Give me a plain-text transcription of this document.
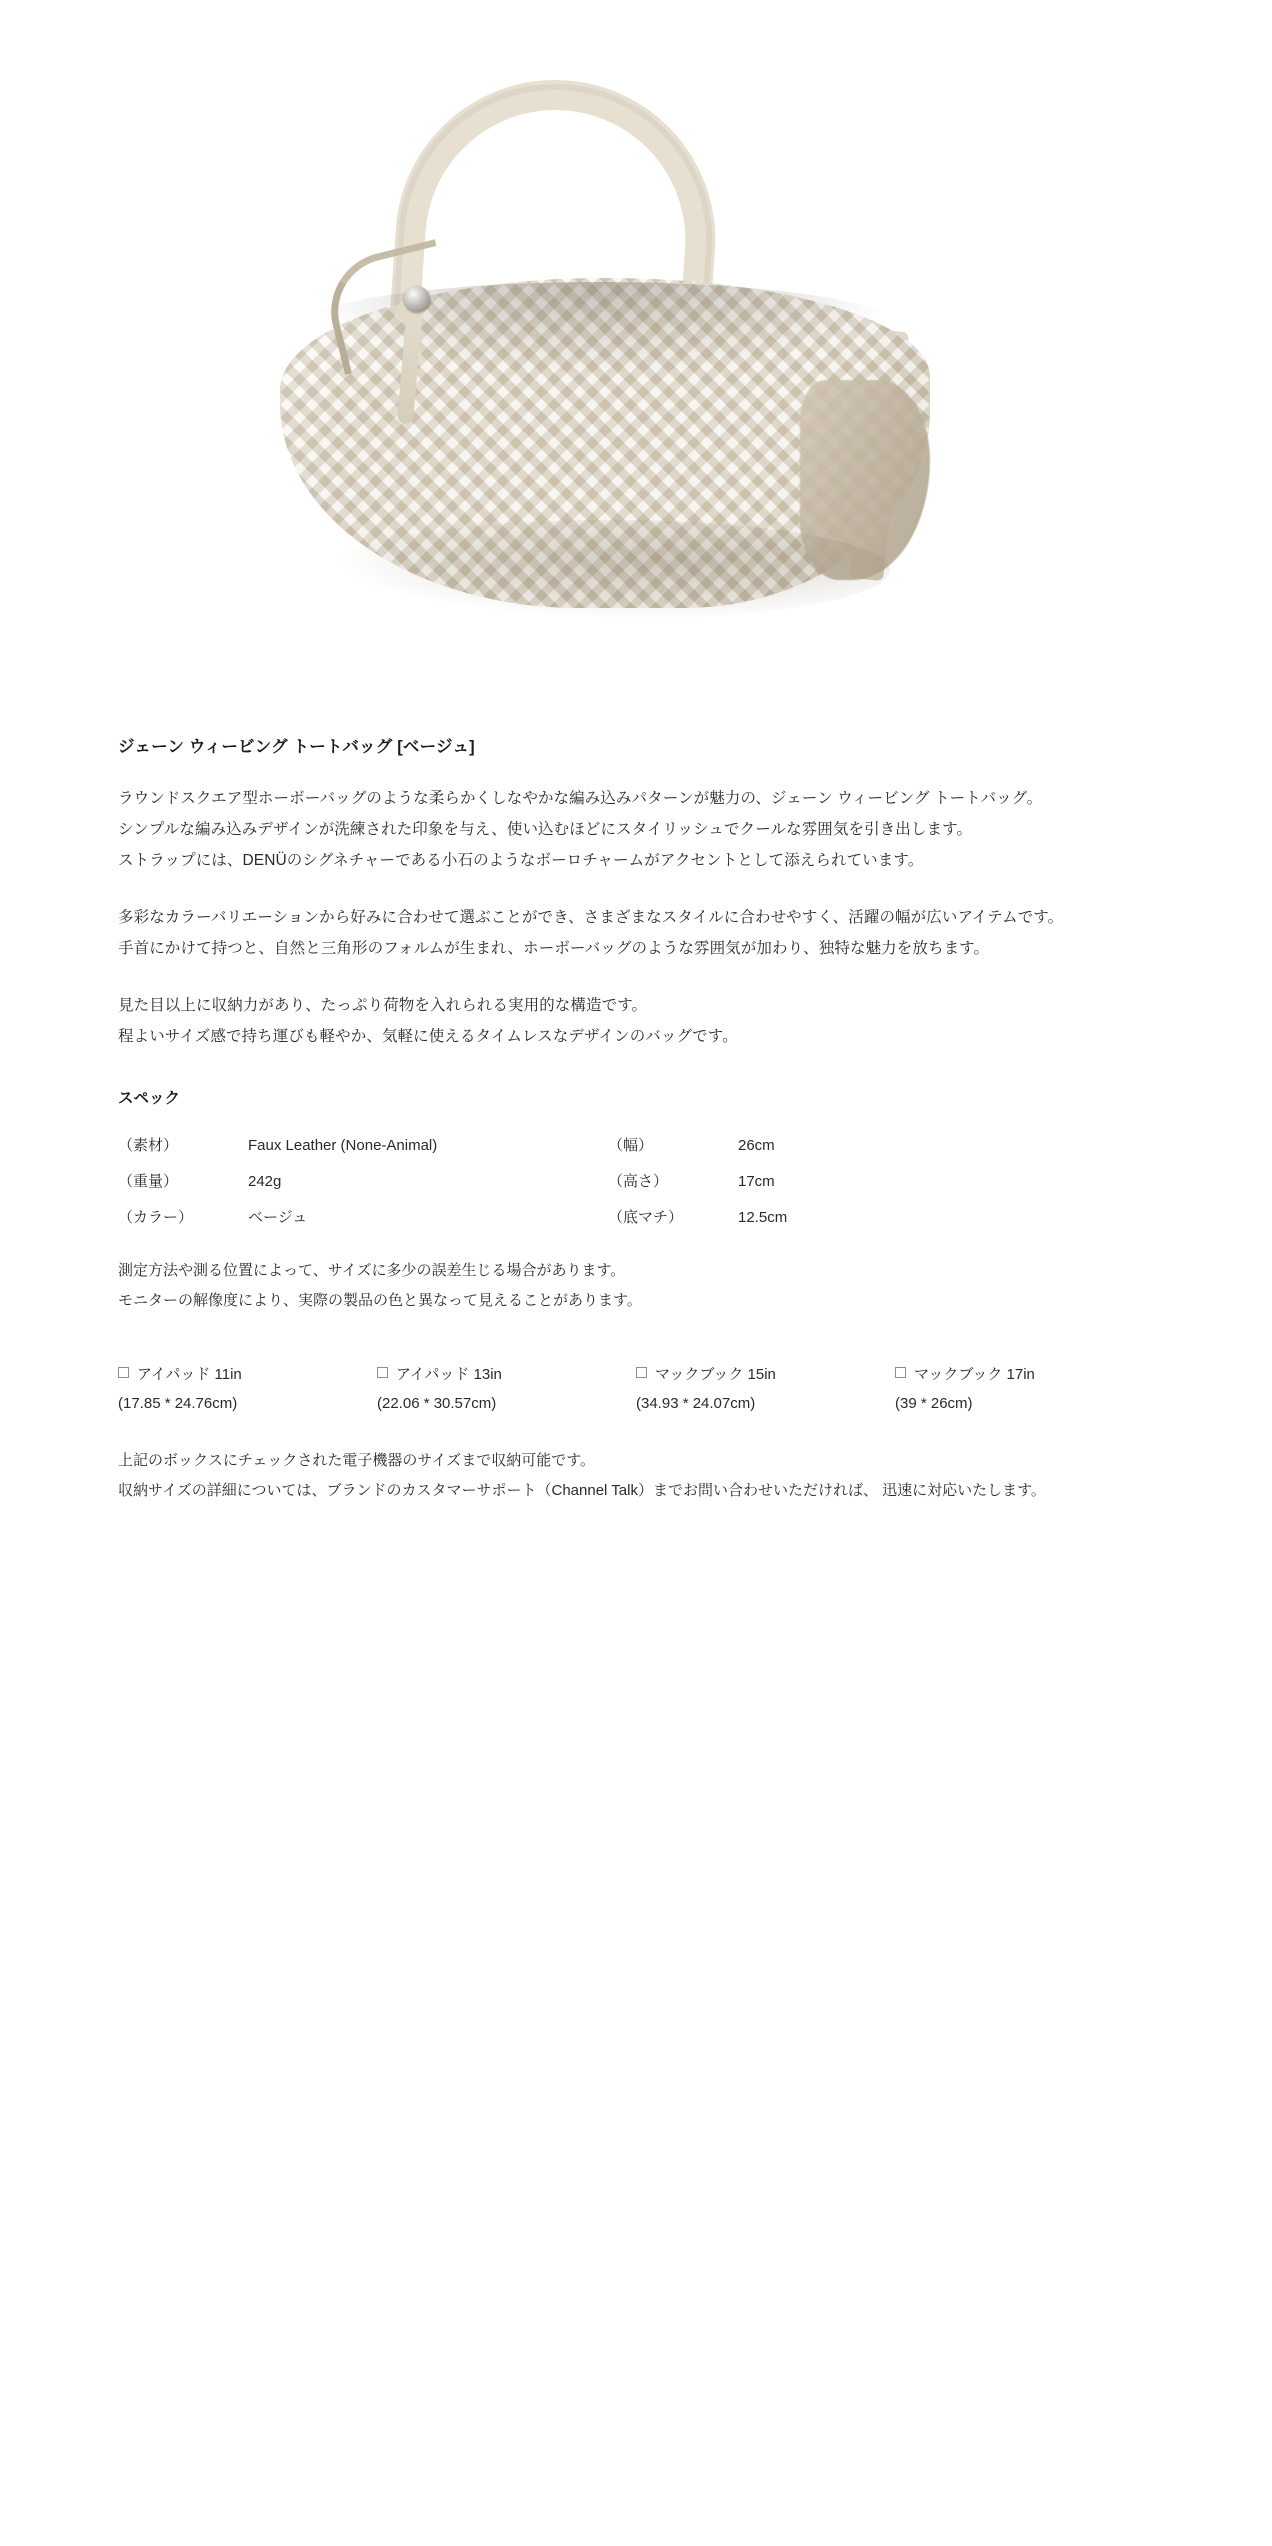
ジェーン ウィービング トートバッグ [ベージュ]

ラウンドスクエア型ホーボーバッグのような柔らかくしなやかな編み込みパターンが魅力の、ジェーン ウィービング トートバッグ。
シンプルな編み込みデザインが洗練された印象を与え、使い込むほどにスタイリッシュでクールな雰囲気を引き出します。
ストラップには、DENÜのシグネチャーである小石のようなボーロチャームがアクセントとして添えられています。

多彩なカラーバリエーションから好みに合わせて選ぶことができ、さまざまなスタイルに合わせやすく、活躍の幅が広いアイテムです。
手首にかけて持つと、自然と三角形のフォルムが生まれ、ホーボーバッグのような雰囲気が加わり、独特な魅力を放ちます。

見た目以上に収納力があり、たっぷり荷物を入れられる実用的な構造です。
程よいサイズ感で持ち運びも軽やか、気軽に使えるタイムレスなデザインのバッグです。

スペック
（素材）	Faux Leather (None-Animal)	（幅）	26cm
（重量）	242g	（高さ）	17cm
（カラー）	ベージュ	（底マチ）	12.5cm
測定方法や測る位置によって、サイズに多少の誤差生じる場合があります。
モニターの解像度により、実際の製品の色と異なって見えることがあります。
アイパッド 11in
(17.85 * 24.76cm)
アイパッド 13in
(22.06 * 30.57cm)
マックブック 15in
(34.93 * 24.07cm)
マックブック 17in
(39 * 26cm)
上記のボックスにチェックされた電子機器のサイズまで収納可能です。
収納サイズの詳細については、ブランドのカスタマーサポート（Channel Talk）までお問い合わせいただければ、 迅速に対応いたします。
